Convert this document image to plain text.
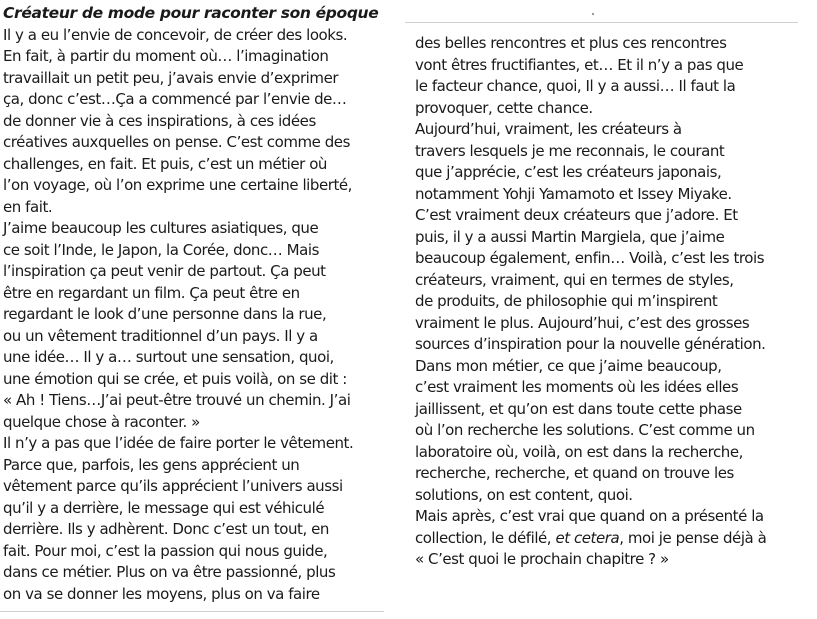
Créateur de mode pour raconter son époque
Il y a eu l’envie de concevoir, de créer des looks.
En fait, à partir du moment où… l’imagination
travaillait un petit peu, j’avais envie d’exprimer
ça, donc c’est…Ça a commencé par l’envie de…
de donner vie à ces inspirations, à ces idées
créatives auxquelles on pense. C’est comme des
challenges, en fait. Et puis, c’est un métier où
l’on voyage, où l’on exprime une certaine liberté,
en fait.
J’aime beaucoup les cultures asiatiques, que
ce soit l’Inde, le Japon, la Corée, donc… Mais
l’inspiration ça peut venir de partout. Ça peut
être en regardant un film. Ça peut être en
regardant le look d’une personne dans la rue,
ou un vêtement traditionnel d’un pays. Il y a
une idée… Il y a… surtout une sensation, quoi,
une émotion qui se crée, et puis voilà, on se dit :
« Ah ! Tiens…J’ai peut-être trouvé un chemin. J’ai
quelque chose à raconter. »
Il n’y a pas que l’idée de faire porter le vêtement.
Parce que, parfois, les gens apprécient un
vêtement parce qu’ils apprécient l’univers aussi
qu’il y a derrière, le message qui est véhiculé
derrière. Ils y adhèrent. Donc c’est un tout, en
fait. Pour moi, c’est la passion qui nous guide,
dans ce métier. Plus on va être passionné, plus
on va se donner les moyens, plus on va faire
des belles rencontres et plus ces rencontres
vont êtres fructifiantes, et… Et il n’y a pas que
le facteur chance, quoi, Il y a aussi… Il faut la
provoquer, cette chance.
Aujourd’hui, vraiment, les créateurs à
travers lesquels je me reconnais, le courant
que j’apprécie, c’est les créateurs japonais,
notamment Yohji Yamamoto et Issey Miyake.
C’est vraiment deux créateurs que j’adore. Et
puis, il y a aussi Martin Margiela, que j’aime
beaucoup également, enfin… Voilà, c’est les trois
créateurs, vraiment, qui en termes de styles,
de produits, de philosophie qui m’inspirent
vraiment le plus. Aujourd’hui, c’est des grosses
sources d’inspiration pour la nouvelle génération.
Dans mon métier, ce que j’aime beaucoup,
c’est vraiment les moments où les idées elles
jaillissent, et qu’on est dans toute cette phase
où l’on recherche les solutions. C’est comme un
laboratoire où, voilà, on est dans la recherche,
recherche, recherche, et quand on trouve les
solutions, on est content, quoi.
Mais après, c’est vrai que quand on a présenté la
collection, le défilé, et cetera, moi je pense déjà à
« C’est quoi le prochain chapitre ? »
